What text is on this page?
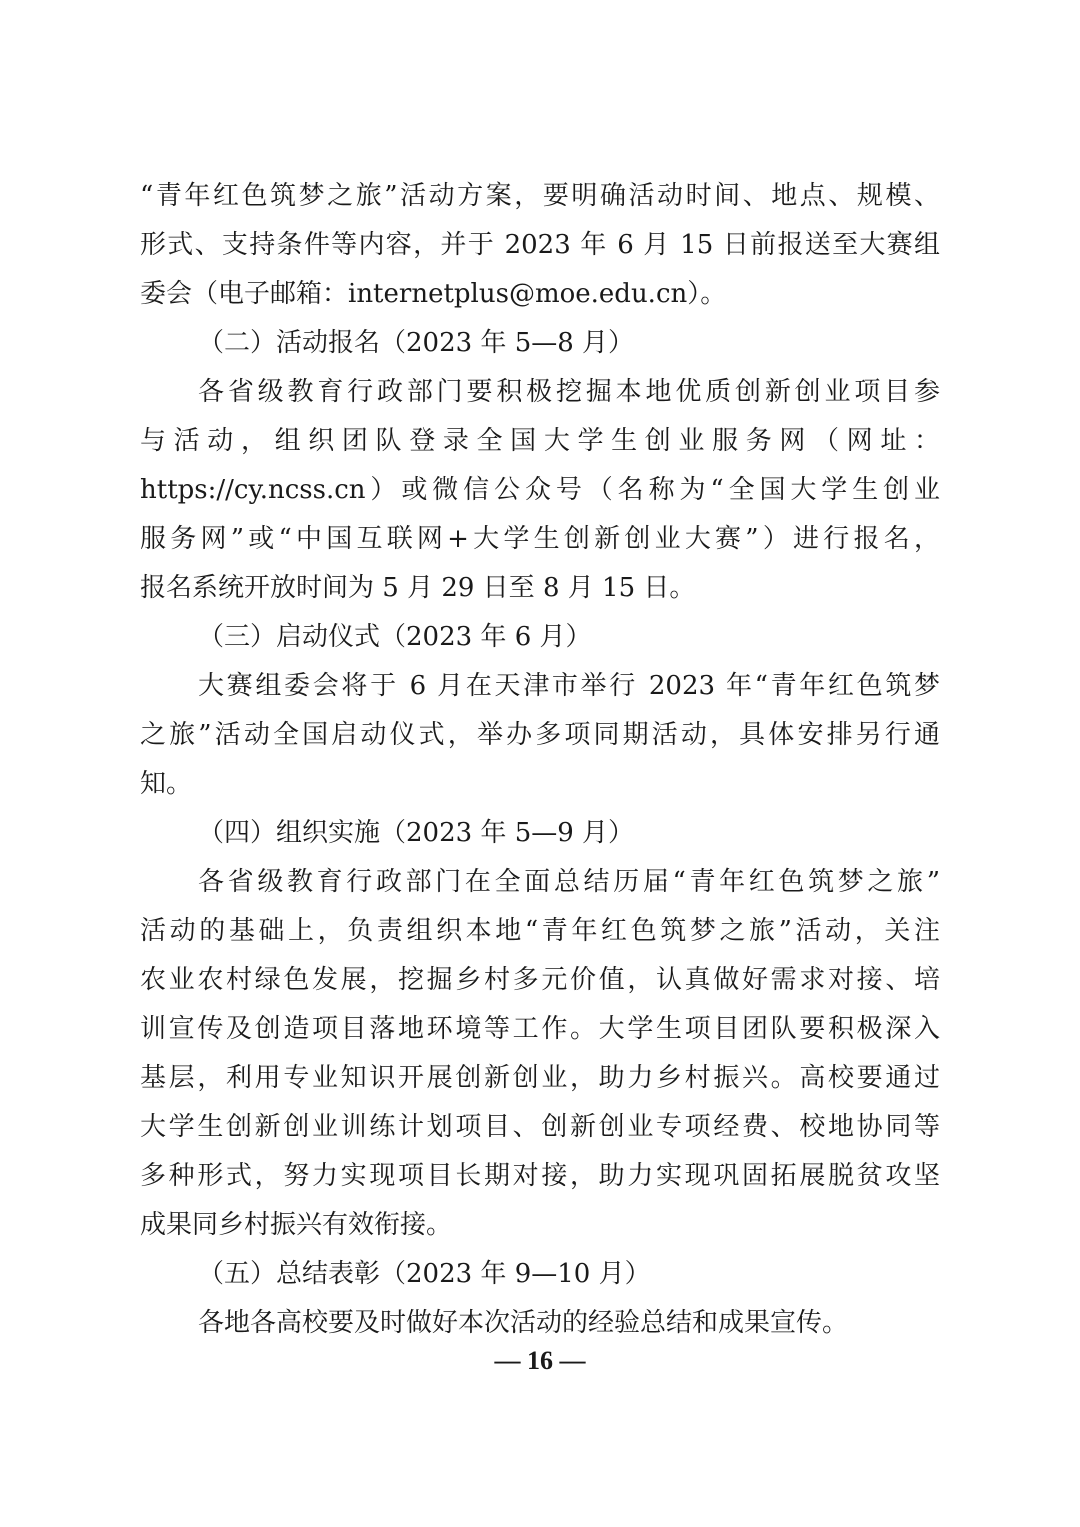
“青年红色筑梦之旅”活动方案，要明确活动时间、地点、规模、
形式、支持条件等内容，并于 2023 年 6 月 15 日前报送至大赛组
委会（电子邮箱：internetplus@moe.edu.cn）。
（二）活动报名（2023 年 5—8 月）
各省级教育行政部门要积极挖掘本地优质创新创业项目参
与活动，组织团队登录全国大学生创业服务网（网址：
https://cy.ncss.cn）或微信公众号（名称为“全国大学生创业
服务网”或“中国互联网+大学生创新创业大赛”）进行报名，
报名系统开放时间为 5 月 29 日至 8 月 15 日。
（三）启动仪式（2023 年 6 月）
大赛组委会将于 6 月在天津市举行 2023 年“青年红色筑梦
之旅”活动全国启动仪式，举办多项同期活动，具体安排另行通
知。
（四）组织实施（2023 年 5—9 月）
各省级教育行政部门在全面总结历届“青年红色筑梦之旅”
活动的基础上，负责组织本地“青年红色筑梦之旅”活动，关注
农业农村绿色发展，挖掘乡村多元价值，认真做好需求对接、培
训宣传及创造项目落地环境等工作。大学生项目团队要积极深入
基层，利用专业知识开展创新创业，助力乡村振兴。高校要通过
大学生创新创业训练计划项目、创新创业专项经费、校地协同等
多种形式，努力实现项目长期对接，助力实现巩固拓展脱贫攻坚
成果同乡村振兴有效衔接。
（五）总结表彰（2023 年 9—10 月）
各地各高校要及时做好本次活动的经验总结和成果宣传。
— 16 —
